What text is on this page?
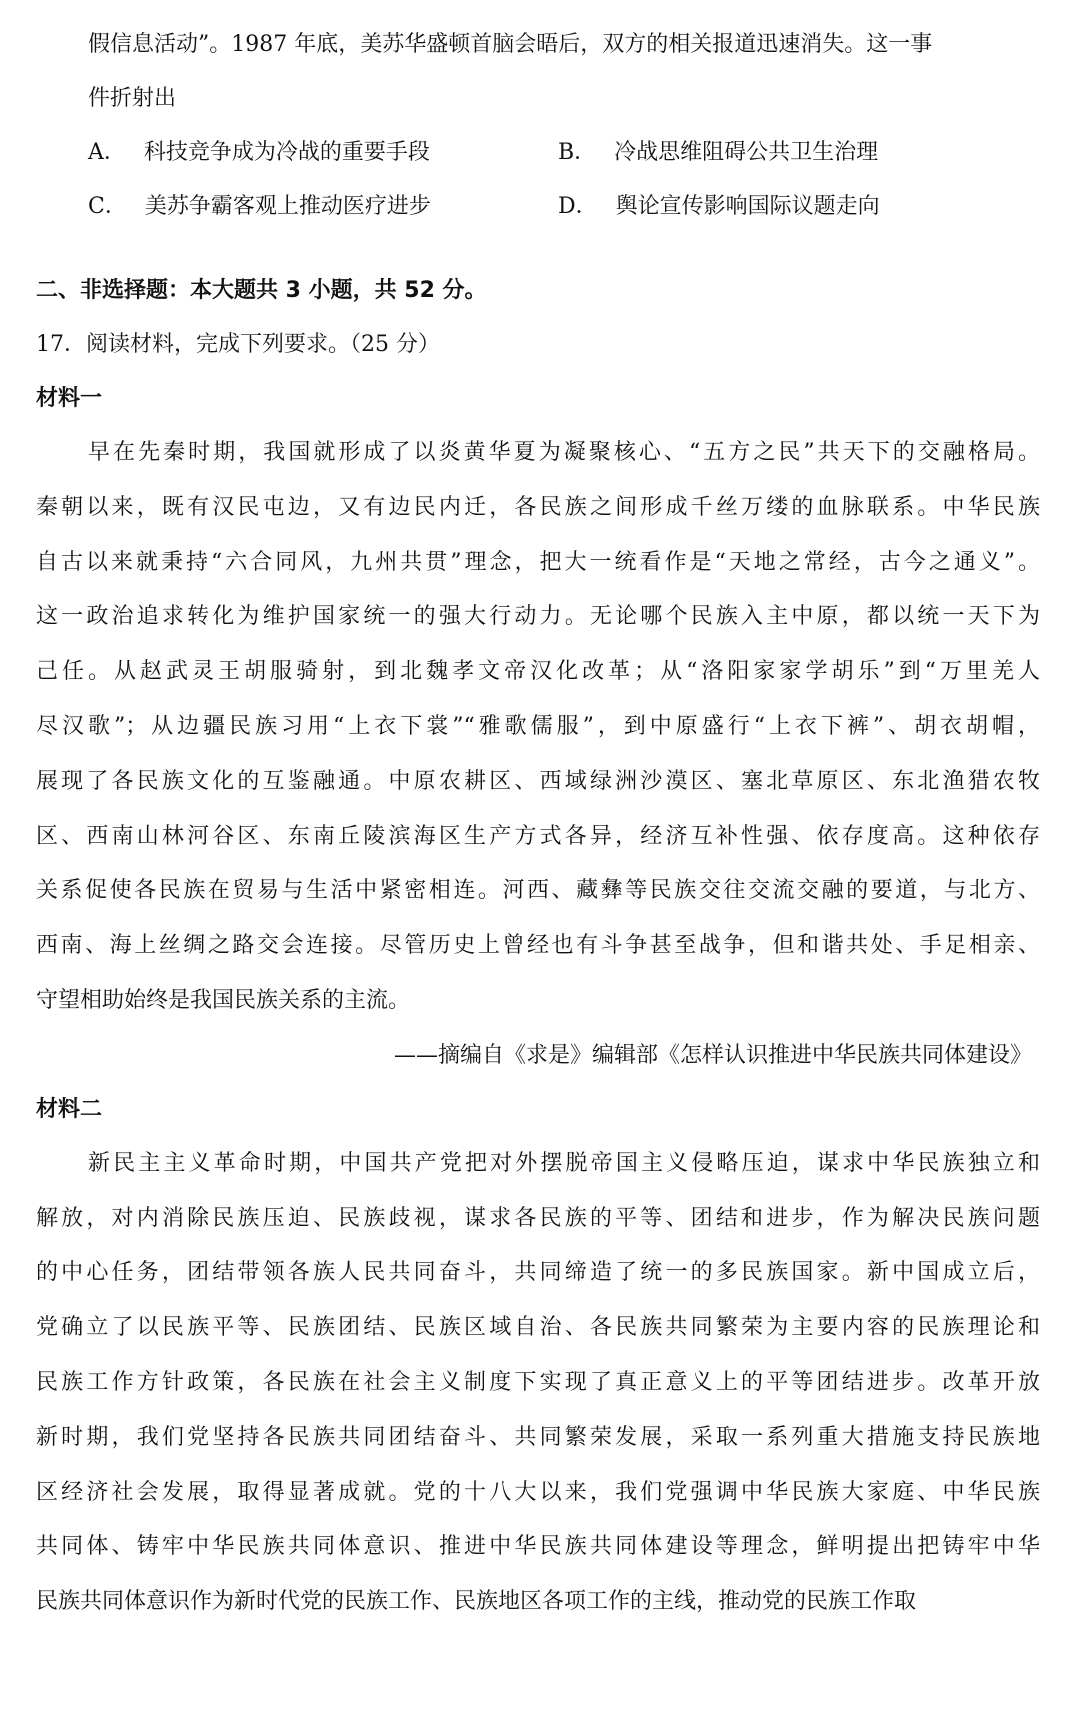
假信息活动”。1987 年底，美苏华盛顿首脑会晤后，双方的相关报道迅速消失。这一事
件折射出
A． 科技竞争成为冷战的重要手段	B． 冷战思维阻碍公共卫生治理
C． 美苏争霸客观上推动医疗进步	D． 舆论宣传影响国际议题走向
二、非选择题：本大题共 3 小题，共 52 分。
17．阅读材料，完成下列要求。（25 分）
材料一
早在先秦时期，我国就形成了以炎黄华夏为凝聚核心、“五方之民”共天下的交融格局。
秦朝以来，既有汉民屯边，又有边民内迁，各民族之间形成千丝万缕的血脉联系。中华民族
自古以来就秉持“六合同风，九州共贯”理念，把大一统看作是“天地之常经，古今之通义”。
这一政治追求转化为维护国家统一的强大行动力。无论哪个民族入主中原，都以统一天下为
己任。从赵武灵王胡服骑射，到北魏孝文帝汉化改革；从“洛阳家家学胡乐”到“万里羌人
尽汉歌”；从边疆民族习用“上衣下裳”“雅歌儒服”，到中原盛行“上衣下裤”、胡衣胡帽，
展现了各民族文化的互鉴融通。中原农耕区、西域绿洲沙漠区、塞北草原区、东北渔猎农牧
区、西南山林河谷区、东南丘陵滨海区生产方式各异，经济互补性强、依存度高。这种依存
关系促使各民族在贸易与生活中紧密相连。河西、藏彝等民族交往交流交融的要道，与北方、
西南、海上丝绸之路交会连接。尽管历史上曾经也有斗争甚至战争，但和谐共处、手足相亲、
守望相助始终是我国民族关系的主流。
——摘编自《求是》编辑部《怎样认识推进中华民族共同体建设》
材料二
新民主主义革命时期，中国共产党把对外摆脱帝国主义侵略压迫，谋求中华民族独立和
解放，对内消除民族压迫、民族歧视，谋求各民族的平等、团结和进步，作为解决民族问题
的中心任务，团结带领各族人民共同奋斗，共同缔造了统一的多民族国家。新中国成立后，
党确立了以民族平等、民族团结、民族区域自治、各民族共同繁荣为主要内容的民族理论和
民族工作方针政策，各民族在社会主义制度下实现了真正意义上的平等团结进步。改革开放
新时期，我们党坚持各民族共同团结奋斗、共同繁荣发展，采取一系列重大措施支持民族地
区经济社会发展，取得显著成就。党的十八大以来，我们党强调中华民族大家庭、中华民族
共同体、铸牢中华民族共同体意识、推进中华民族共同体建设等理念，鲜明提出把铸牢中华
民族共同体意识作为新时代党的民族工作、民族地区各项工作的主线，推动党的民族工作取
